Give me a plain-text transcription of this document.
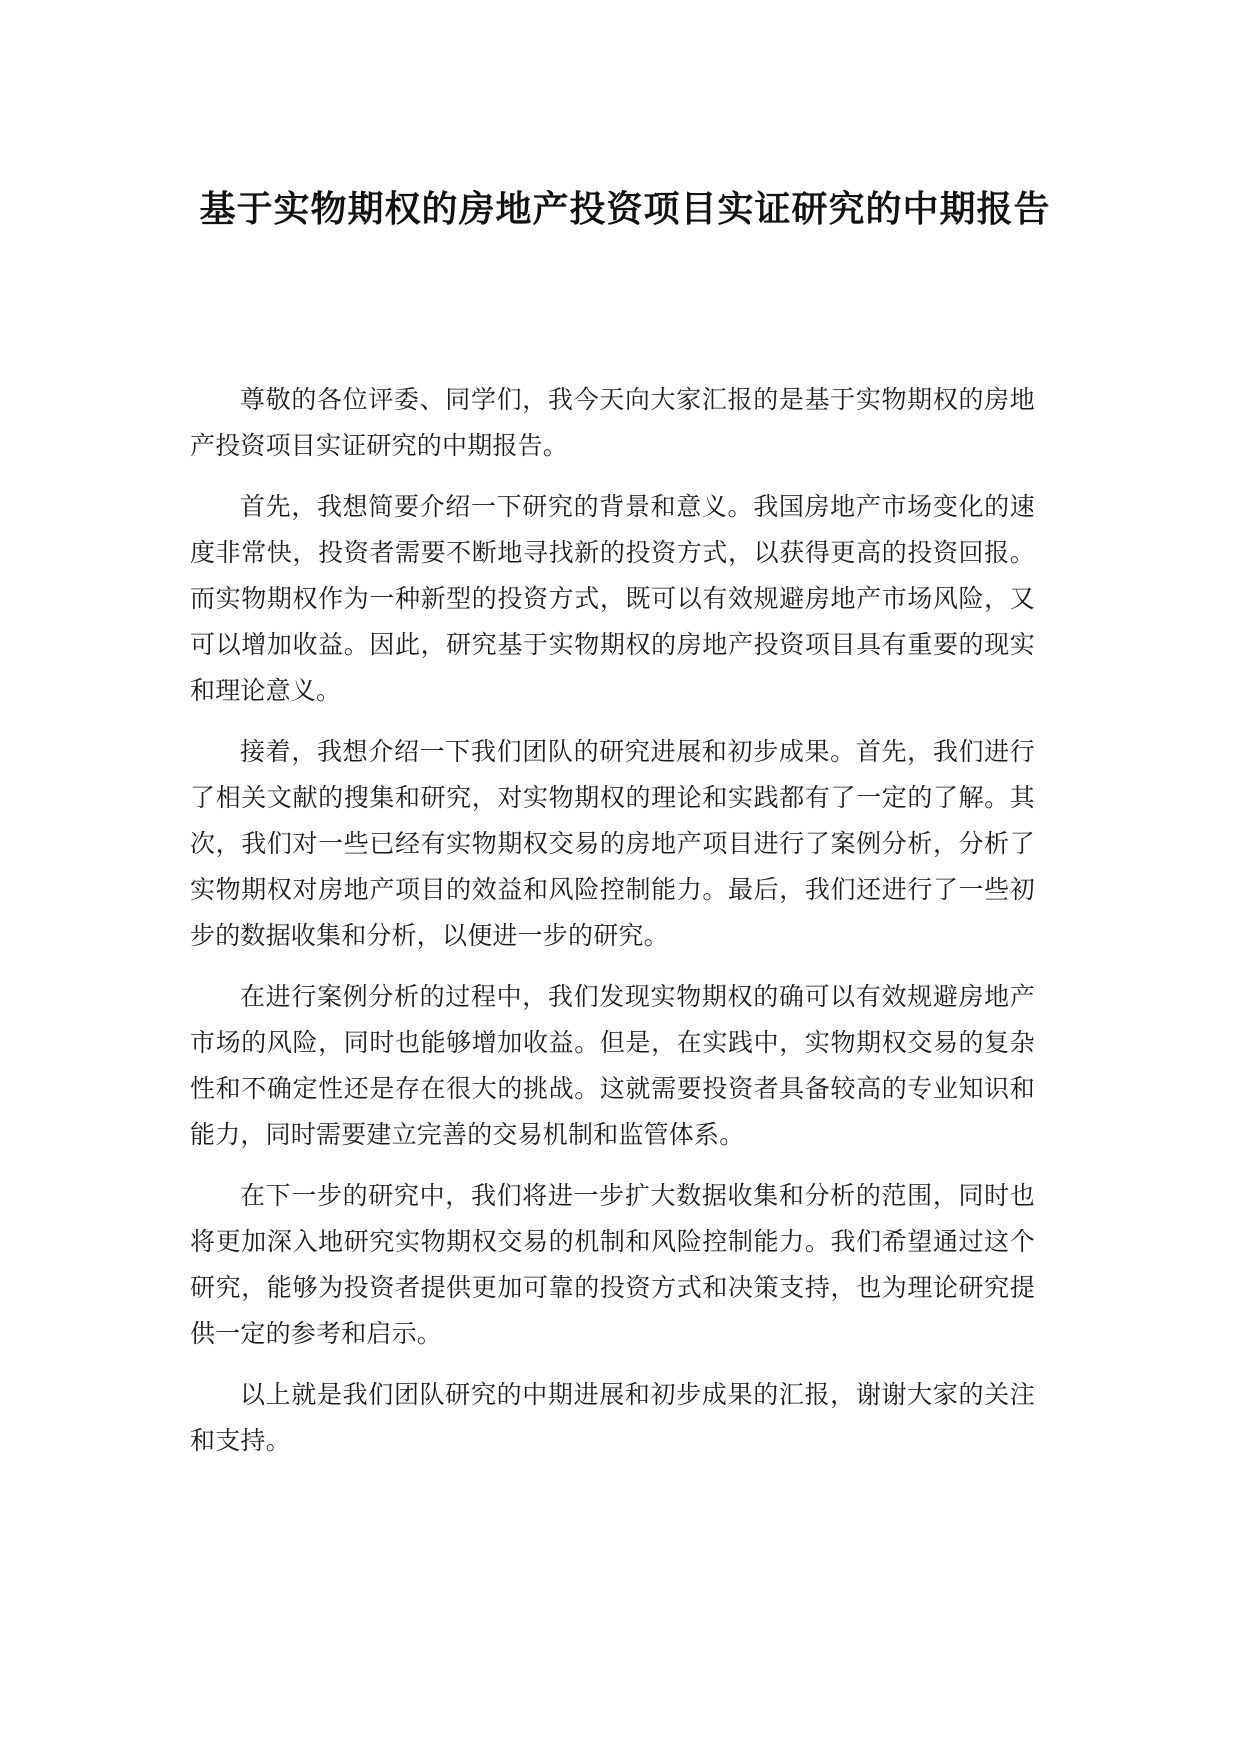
基于实物期权的房地产投资项目实证研究的中期报告

尊敬的各位评委、同学们，我今天向大家汇报的是基于实物期权的房地产投资项目实证研究的中期报告。

首先，我想简要介绍一下研究的背景和意义。我国房地产市场变化的速度非常快，投资者需要不断地寻找新的投资方式，以获得更高的投资回报。而实物期权作为一种新型的投资方式，既可以有效规避房地产市场风险，又可以增加收益。因此，研究基于实物期权的房地产投资项目具有重要的现实和理论意义。

接着，我想介绍一下我们团队的研究进展和初步成果。首先，我们进行了相关文献的搜集和研究，对实物期权的理论和实践都有了一定的了解。其次，我们对一些已经有实物期权交易的房地产项目进行了案例分析，分析了实物期权对房地产项目的效益和风险控制能力。最后，我们还进行了一些初步的数据收集和分析，以便进一步的研究。

在进行案例分析的过程中，我们发现实物期权的确可以有效规避房地产市场的风险，同时也能够增加收益。但是，在实践中，实物期权交易的复杂性和不确定性还是存在很大的挑战。这就需要投资者具备较高的专业知识和能力，同时需要建立完善的交易机制和监管体系。

在下一步的研究中，我们将进一步扩大数据收集和分析的范围，同时也将更加深入地研究实物期权交易的机制和风险控制能力。我们希望通过这个研究，能够为投资者提供更加可靠的投资方式和决策支持，也为理论研究提供一定的参考和启示。

以上就是我们团队研究的中期进展和初步成果的汇报，谢谢大家的关注和支持。
